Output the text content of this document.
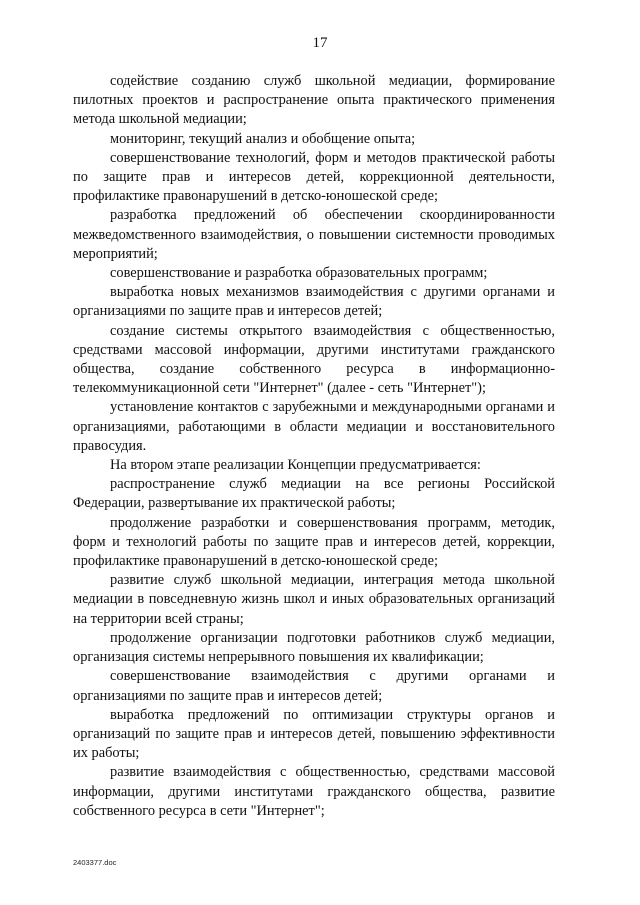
17

содействие созданию служб школьной медиации, формирование пилотных проектов и распространение опыта практического применения метода школьной медиации;

мониторинг, текущий анализ и обобщение опыта;

совершенствование технологий, форм и методов практической работы по защите прав и интересов детей, коррекционной деятельности, профилактике правонарушений в детско-юношеской среде;

разработка предложений об обеспечении скоординированности межведомственного взаимодействия, о повышении системности проводимых мероприятий;

совершенствование и разработка образовательных программ;

выработка новых механизмов взаимодействия с другими органами и организациями по защите прав и интересов детей;

создание системы открытого взаимодействия с общественностью, средствами массовой информации, другими институтами гражданского общества, создание собственного ресурса в информационно-телекоммуникационной сети "Интернет" (далее - сеть "Интернет");

установление контактов с зарубежными и международными органами и организациями, работающими в области медиации и восстановительного правосудия.

На втором этапе реализации Концепции предусматривается:

распространение служб медиации на все регионы Российской Федерации, развертывание их практической работы;

продолжение разработки и совершенствования программ, методик, форм и технологий работы по защите прав и интересов детей, коррекции, профилактике правонарушений в детско-юношеской среде;

развитие служб школьной медиации, интеграция метода школьной медиации в повседневную жизнь школ и иных образовательных организаций на территории всей страны;

продолжение организации подготовки работников служб медиации, организация системы непрерывного повышения их квалификации;

совершенствование взаимодействия с другими органами и организациями по защите прав и интересов детей;

выработка предложений по оптимизации структуры органов и организаций по защите прав и интересов детей, повышению эффективности их работы;

развитие взаимодействия с общественностью, средствами массовой информации, другими институтами гражданского общества, развитие собственного ресурса в сети "Интернет";

2403377.doc
